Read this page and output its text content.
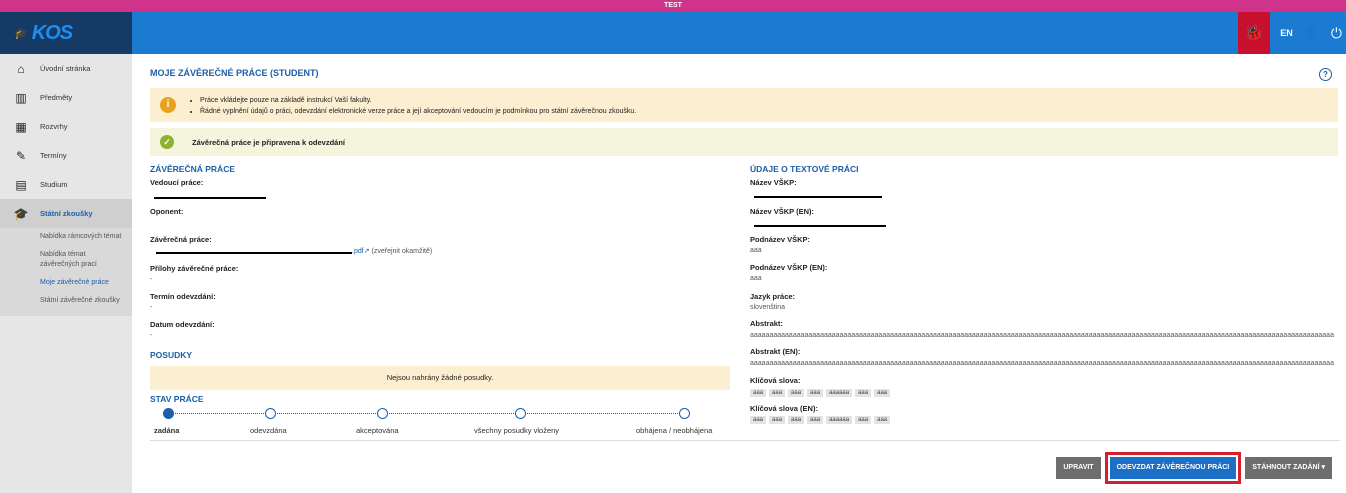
TEST
🎓 KOS	🐞	EN 👤 ⏻
⌂	Úvodní stránka
▥	Předměty
▦	Rozvrhy
✎	Termíny
▤	Studium
🎓 Státní zkoušky
Nabídka rámcových témat
Nabídka témat závěrečných prací
Moje závěrečné práce
Státní závěrečné zkoušky
MOJE ZÁVĚREČNÉ PRÁCE (STUDENT)	?
i
•	Práce vkládejte pouze na základě instrukcí Vaší fakulty.
• Řádné vyplnění údajů o práci, odevzdání elektronické verze práce a její akceptování vedoucím je podmínkou pro státní závěrečnou zkoušku.
✓	Závěrečná práce je připravena k odevzdání
ZÁVĚREČNÁ PRÁCE
Vedoucí práce:
Oponent:
Závěrečná práce:
.pdf↗ (zveřejnit okamžitě)
Přílohy závěrečné práce:
-
Termín odevzdání:
-
Datum odevzdání:
-
POSUDKY
Nejsou nahrány žádné posudky.
STAV PRÁCE
zadána	odevzdána	akceptována	všechny posudky vloženy	obhájena / neobhájena
ÚDAJE O TEXTOVÉ PRÁCI
Název VŠKP:
Název VŠKP (EN):
Podnázev VŠKP:
aaa
Podnázev VŠKP (EN):
aaa
Jazyk práce:
slovenština
Abstrakt:
aaaaaaaaaaaaaaaaaaaaaaaaaaaaaaaaaaaaaaaaaaaaaaaaaaaaaaaaaaaaaaaaaaaaaaaaaaaaaaaaaaaaaaaaaaaaaaaaaaaaaaaaaaaaaaaaaaaaaaaaaaaaaaaaaaaaaaaaaaaaaaaaaaaaaa
Abstrakt (EN):
aaaaaaaaaaaaaaaaaaaaaaaaaaaaaaaaaaaaaaaaaaaaaaaaaaaaaaaaaaaaaaaaaaaaaaaaaaaaaaaaaaaaaaaaaaaaaaaaaaaaaaaaaaaaaaaaaaaaaaaaaaaaaaaaaaaaaaaaaaaaaaaaaaaaaa
Klíčová slova:
aaa	aaa	aaa	aaa	aaaaaa	aaa	aaa
Klíčová slova (EN):
aaa	aaa	aaa	aaa	aaaaaa	aaa	aaa
UPRAVIT	ODEVZDAT ZÁVĚREČNOU PRÁCI	STÁHNOUT ZADÁNÍ ▾
